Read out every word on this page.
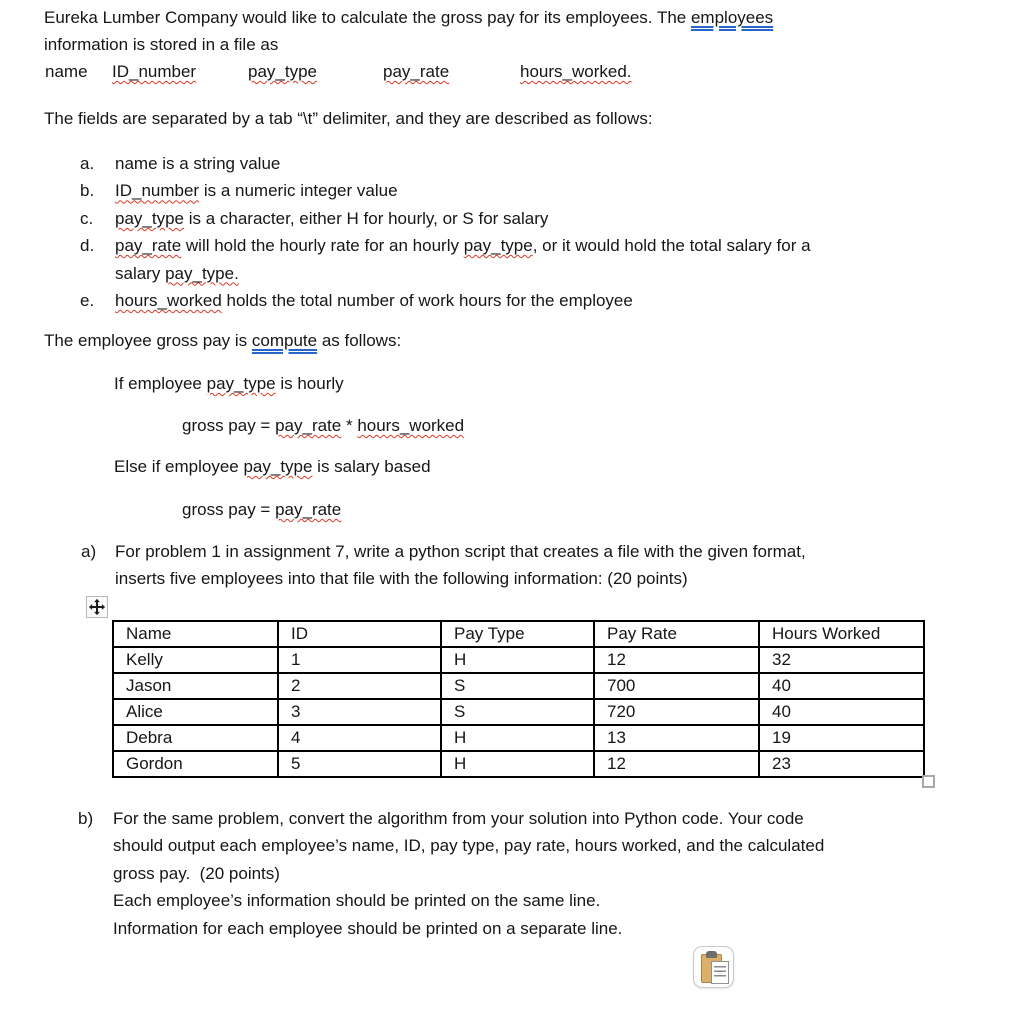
Eureka Lumber Company would like to calculate the gross pay for its employees. The employees
information is stored in a file as
name ID_number	pay_type	pay_rate	hours_worked.
The fields are separated by a tab “\t” delimiter, and they are described as follows:
a.	name is a string value
b.	ID_number is a numeric integer value
c.	pay_type is a character, either H for hourly, or S for salary
d.	pay_rate will hold the hourly rate for an hourly pay_type, or it would hold the total salary for a
salary pay_type.
e.	hours_worked holds the total number of work hours for the employee
The employee gross pay is compute as follows:
If employee pay_type is hourly
gross pay = pay_rate * hours_worked
Else if employee pay_type is salary based
gross pay = pay_rate
a)	For problem 1 in assignment 7, write a python script that creates a file with the given format,
inserts five employees into that file with the following information: (20 points)
Name	ID	Pay Type	Pay Rate	Hours Worked
Kelly	1	H	12	32
Jason	2	S	700	40
Alice	3	S	720	40
Debra	4	H	13	19
Gordon	5	H	12	23
b)	For the same problem, convert the algorithm from your solution into Python code. Your code
should output each employee’s name, ID, pay type, pay rate, hours worked, and the calculated
gross pay.  (20 points)
Each employee’s information should be printed on the same line.
Information for each employee should be printed on a separate line.
